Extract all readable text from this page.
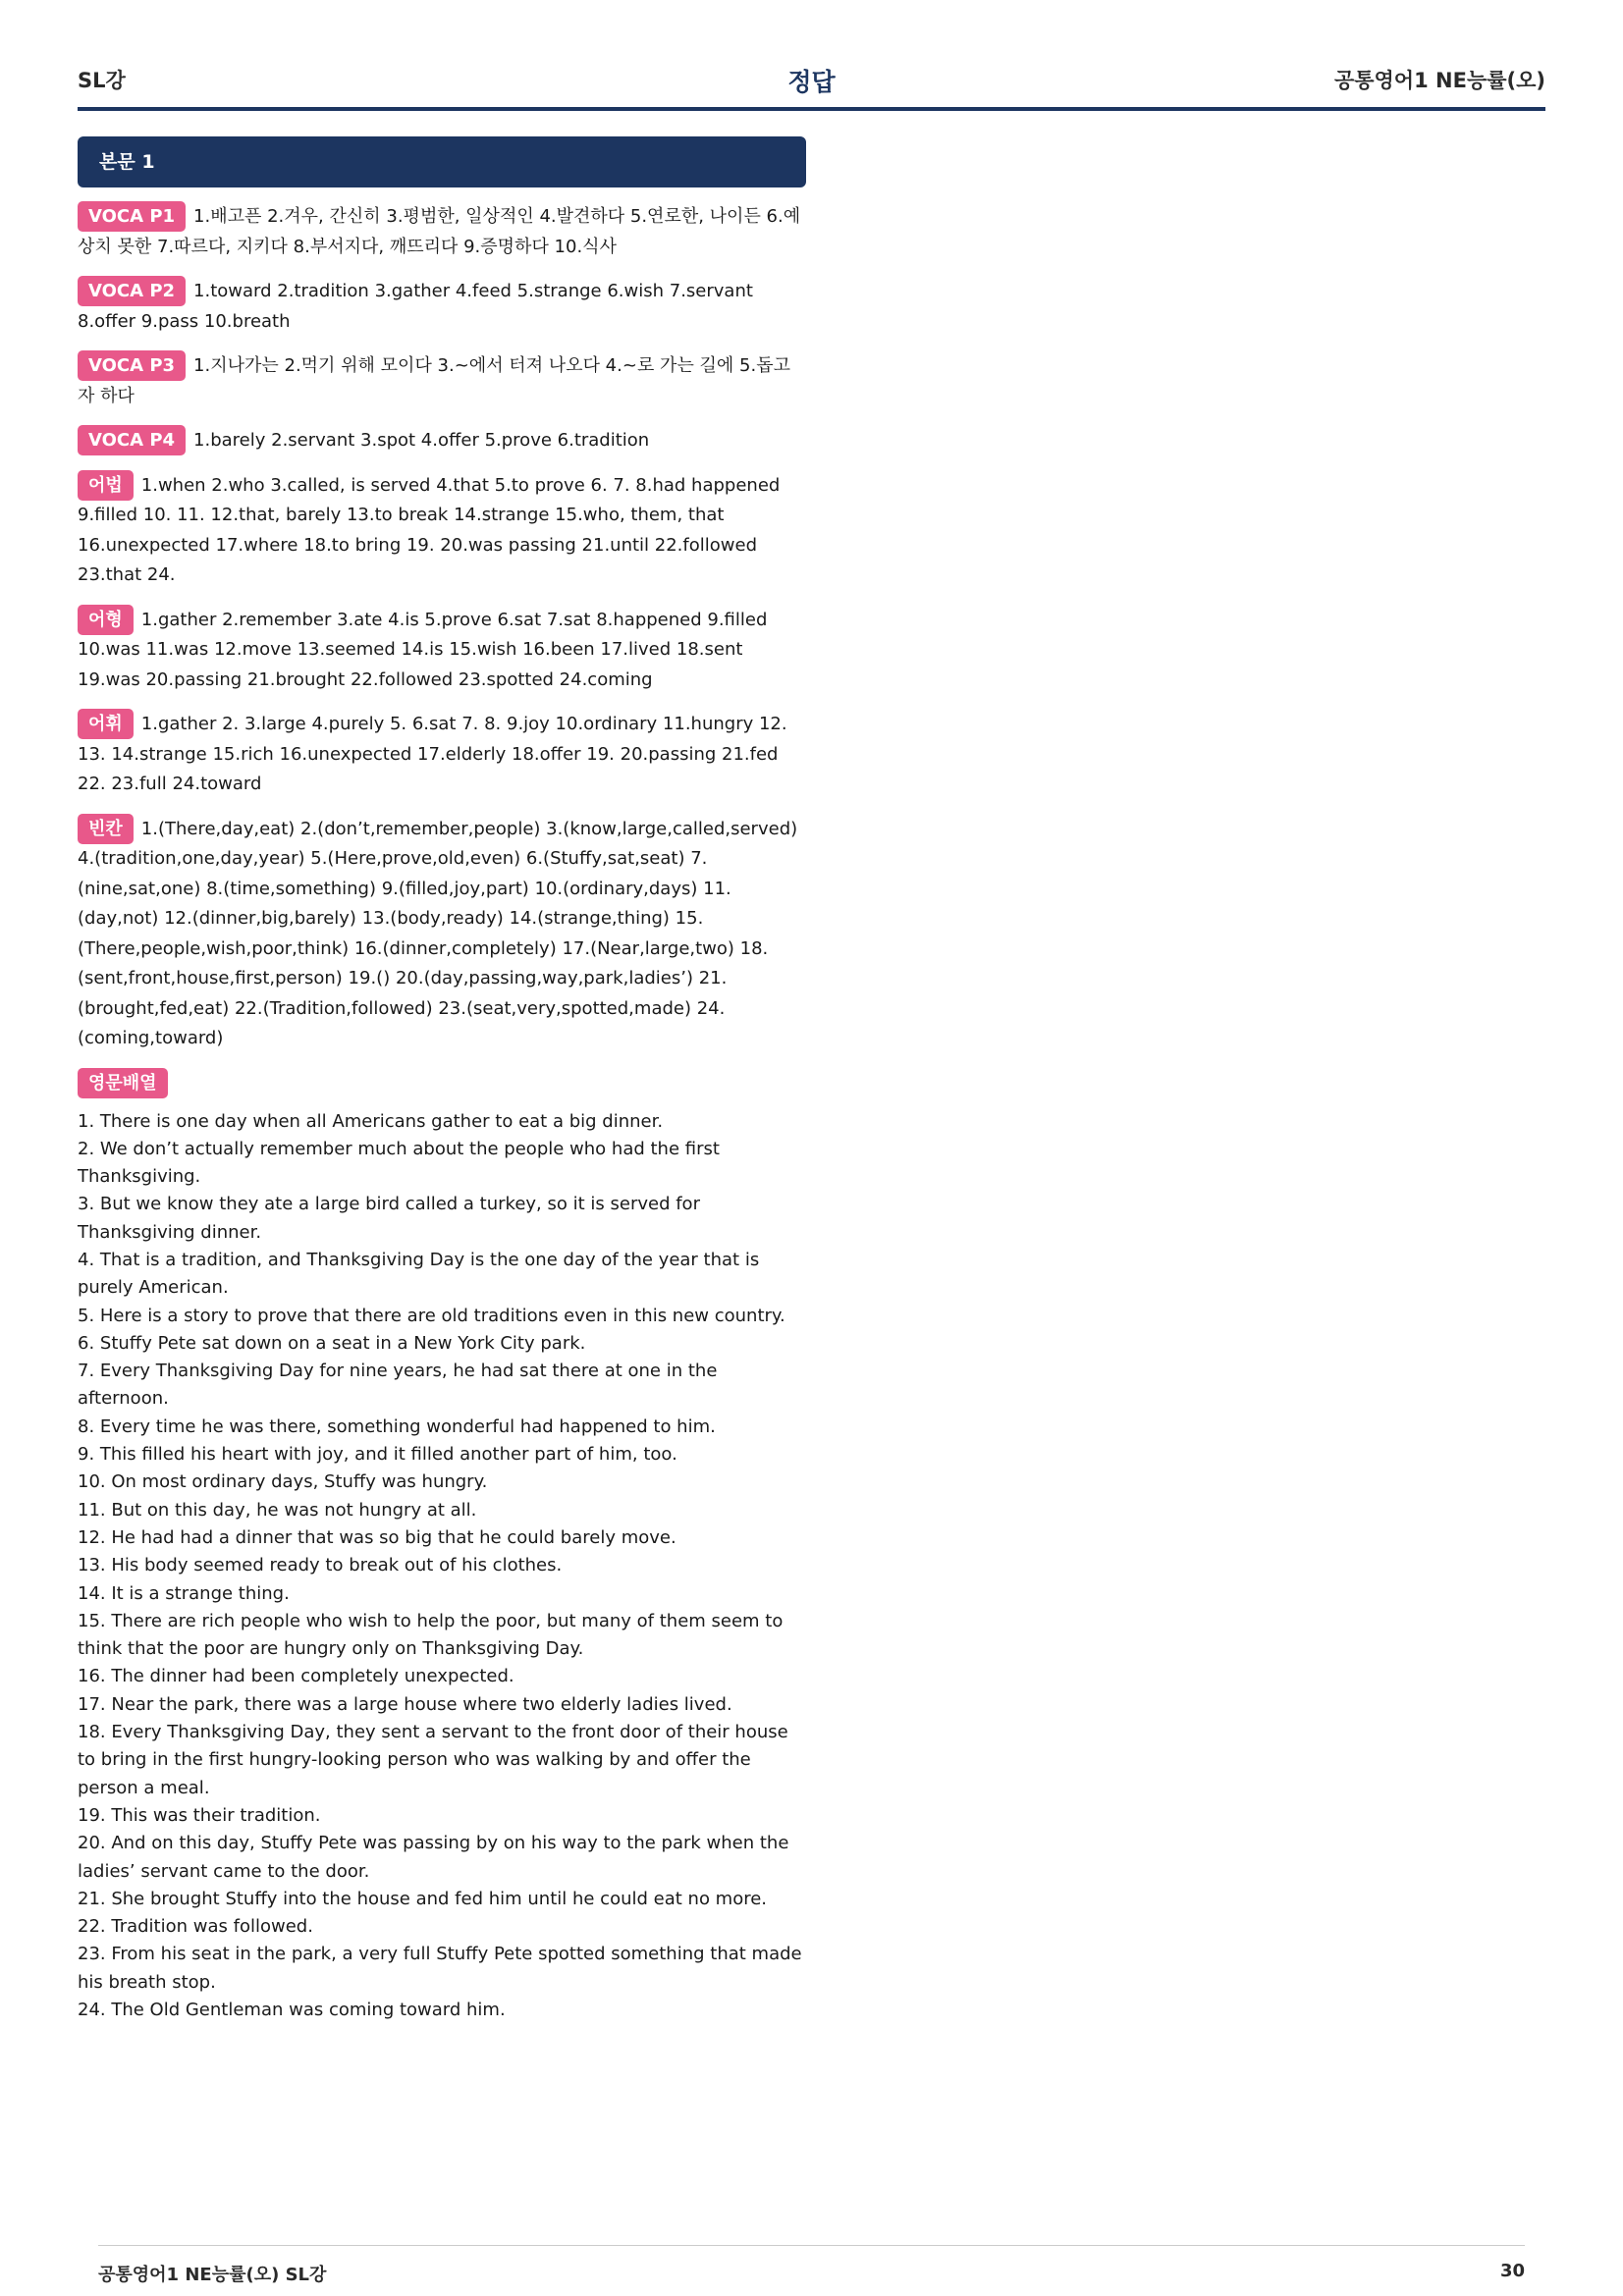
SL강	정답	공통영어1 NE능률(오)
본문 1
VOCA P1 1.배고픈 2.겨우, 간신히 3.평범한, 일상적인 4.발견하다 5.연로한, 나이든 6.예상치 못한 7.따르다, 지키다 8.부서지다, 깨뜨리다 9.증명하다 10.식사
VOCA P2 1.toward 2.tradition 3.gather 4.feed 5.strange 6.wish 7.servant 8.offer 9.pass 10.breath
VOCA P3 1.지나가는 2.먹기 위해 모이다 3.~에서 터져 나오다 4.~로 가는 길에 5.돕고자 하다
VOCA P4 1.barely 2.servant 3.spot 4.offer 5.prove 6.tradition
어법 1.when 2.who 3.called, is served 4.that 5.to prove 6. 7. 8.had happened 9.filled 10. 11. 12.that, barely 13.to break 14.strange 15.who, them, that 16.unexpected 17.where 18.to bring 19. 20.was passing 21.until 22.followed 23.that 24.
어형 1.gather 2.remember 3.ate 4.is 5.prove 6.sat 7.sat 8.happened 9.filled 10.was 11.was 12.move 13.seemed 14.is 15.wish 16.been 17.lived 18.sent 19.was 20.passing 21.brought 22.followed 23.spotted 24.coming
어휘 1.gather 2. 3.large 4.purely 5. 6.sat 7. 8. 9.joy 10.ordinary 11.hungry 12. 13. 14.strange 15.rich 16.unexpected 17.elderly 18.offer 19. 20.passing 21.fed 22. 23.full 24.toward
빈칸 1.(There,day,eat) 2.(don’t,remember,people) 3.(know,large,called,served) 4.(tradition,one,day,year) 5.(Here,prove,old,even) 6.(Stuffy,sat,seat) 7.(nine,sat,one) 8.(time,something) 9.(filled,joy,part) 10.(ordinary,days) 11.(day,not) 12.(dinner,big,barely) 13.(body,ready) 14.(strange,thing) 15.(There,people,wish,poor,think) 16.(dinner,completely) 17.(Near,large,two) 18.(sent,front,house,first,person) 19.() 20.(day,passing,way,park,ladies’) 21.(brought,fed,eat) 22.(Tradition,followed) 23.(seat,very,spotted,made) 24.(coming,toward)
영문배열
1. There is one day when all Americans gather to eat a big dinner.
2. We don’t actually remember much about the people who had the first Thanksgiving.
3. But we know they ate a large bird called a turkey, so it is served for Thanksgiving dinner.
4. That is a tradition, and Thanksgiving Day is the one day of the year that is purely American.
5. Here is a story to prove that there are old traditions even in this new country.
6. Stuffy Pete sat down on a seat in a New York City park.
7. Every Thanksgiving Day for nine years, he had sat there at one in the afternoon.
8. Every time he was there, something wonderful had happened to him.
9. This filled his heart with joy, and it filled another part of him, too.
10. On most ordinary days, Stuffy was hungry.
11. But on this day, he was not hungry at all.
12. He had had a dinner that was so big that he could barely move.
13. His body seemed ready to break out of his clothes.
14. It is a strange thing.
15. There are rich people who wish to help the poor, but many of them seem to think that the poor are hungry only on Thanksgiving Day.
16. The dinner had been completely unexpected.
17. Near the park, there was a large house where two elderly ladies lived.
18. Every Thanksgiving Day, they sent a servant to the front door of their house to bring in the first hungry-looking person who was walking by and offer the person a meal.
19. This was their tradition.
20. And on this day, Stuffy Pete was passing by on his way to the park when the ladies’ servant came to the door.
21. She brought Stuffy into the house and fed him until he could eat no more.
22. Tradition was followed.
23. From his seat in the park, a very full Stuffy Pete spotted something that made his breath stop.
24. The Old Gentleman was coming toward him.
공통영어1 NE능률(오) SL강	30
